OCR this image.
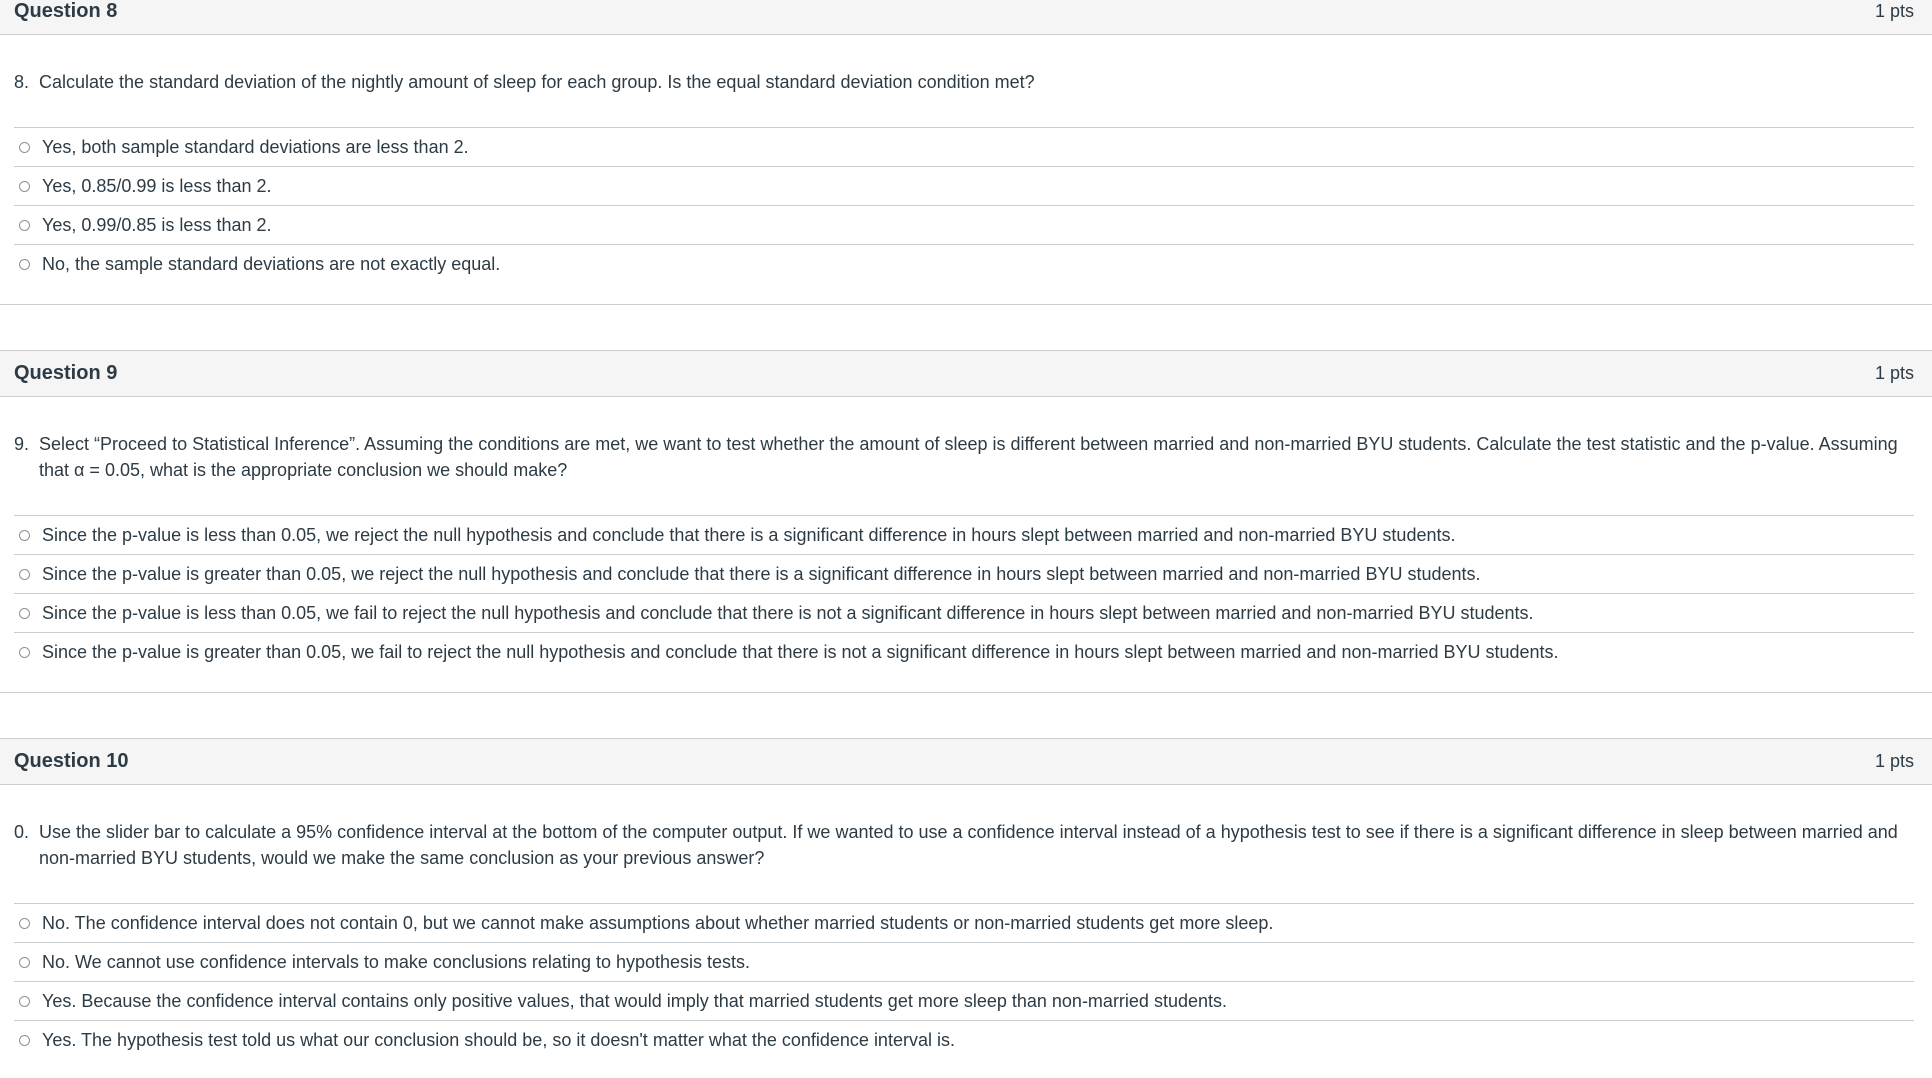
Question 8	1 pts
8. Calculate the standard deviation of the nightly amount of sleep for each group. Is the equal standard deviation condition met?
Yes, both sample standard deviations are less than 2.
Yes, 0.85/0.99 is less than 2.
Yes, 0.99/0.85 is less than 2.
No, the sample standard deviations are not exactly equal.
Question 9	1 pts
9. Select “Proceed to Statistical Inference”. Assuming the conditions are met, we want to test whether the amount of sleep is different between married and non-married BYU students. Calculate the test statistic and the p-value. Assuming that α = 0.05, what is the appropriate conclusion we should make?
Since the p-value is less than 0.05, we reject the null hypothesis and conclude that there is a significant difference in hours slept between married and non-married BYU students.
Since the p-value is greater than 0.05, we reject the null hypothesis and conclude that there is a significant difference in hours slept between married and non-married BYU students.
Since the p-value is less than 0.05, we fail to reject the null hypothesis and conclude that there is not a significant difference in hours slept between married and non-married BYU students.
Since the p-value is greater than 0.05, we fail to reject the null hypothesis and conclude that there is not a significant difference in hours slept between married and non-married BYU students.
Question 10	1 pts
0. Use the slider bar to calculate a 95% confidence interval at the bottom of the computer output. If we wanted to use a confidence interval instead of a hypothesis test to see if there is a significant difference in sleep between married and non-married BYU students, would we make the same conclusion as your previous answer?
No. The confidence interval does not contain 0, but we cannot make assumptions about whether married students or non-married students get more sleep.
No. We cannot use confidence intervals to make conclusions relating to hypothesis tests.
Yes. Because the confidence interval contains only positive values, that would imply that married students get more sleep than non-married students.
Yes. The hypothesis test told us what our conclusion should be, so it doesn't matter what the confidence interval is.
